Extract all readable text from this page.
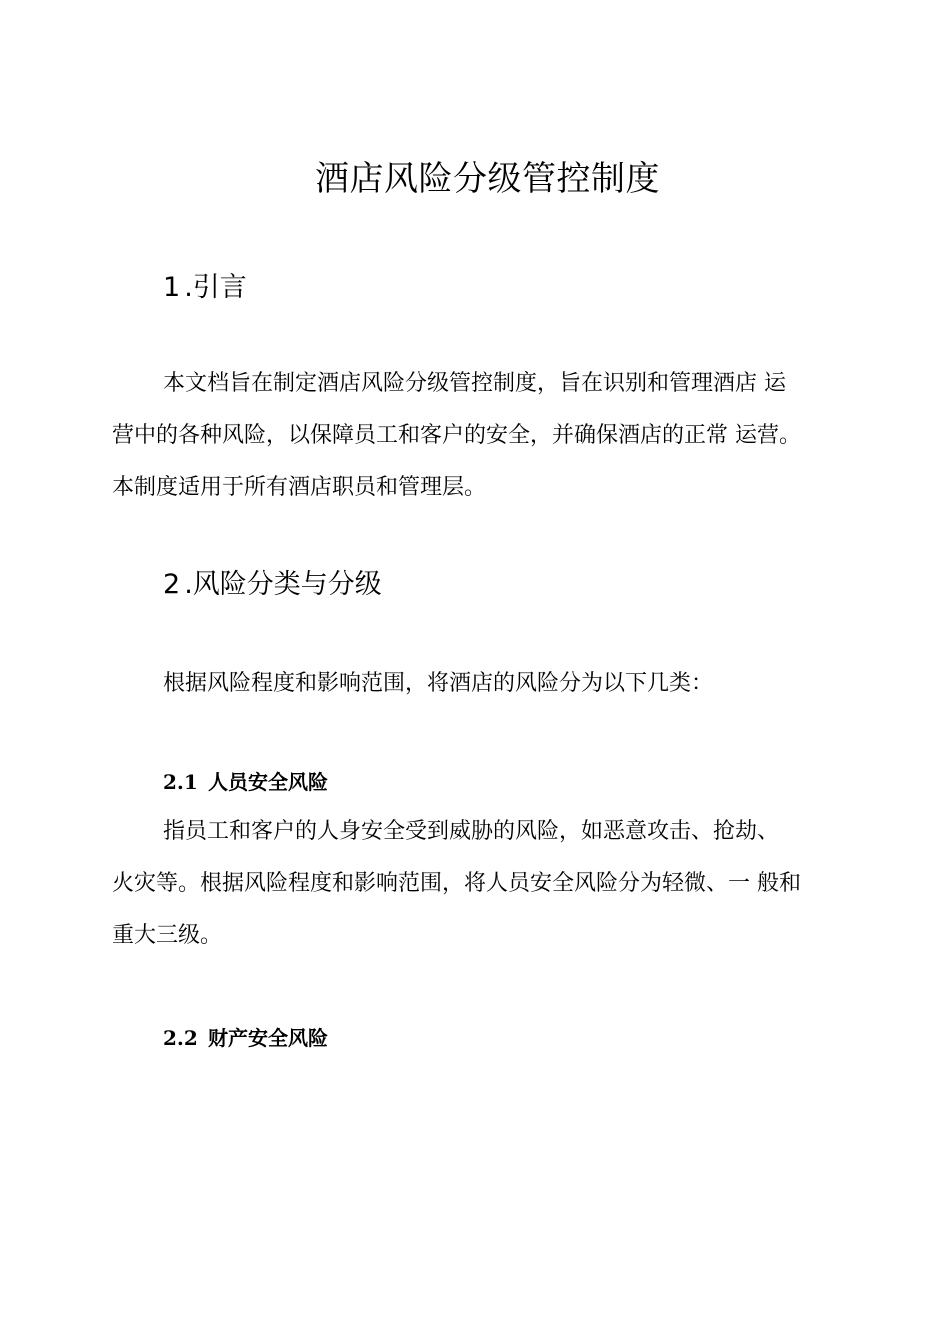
酒店风险分级管控制度
1.引言
本文档旨在制定酒店风险分级管控制度，旨在识别和管理酒店 运
营中的各种风险，以保障员工和客户的安全，并确保酒店的正常 运营。
本制度适用于所有酒店职员和管理层。
2.风险分类与分级
根据风险程度和影响范围，将酒店的风险分为以下几类：
2.1 人员安全风险
指员工和客户的人身安全受到威胁的风险，如恶意攻击、抢劫、
火灾等。根据风险程度和影响范围，将人员安全风险分为轻微、一 般和
重大三级。
2.2 财产安全风险
